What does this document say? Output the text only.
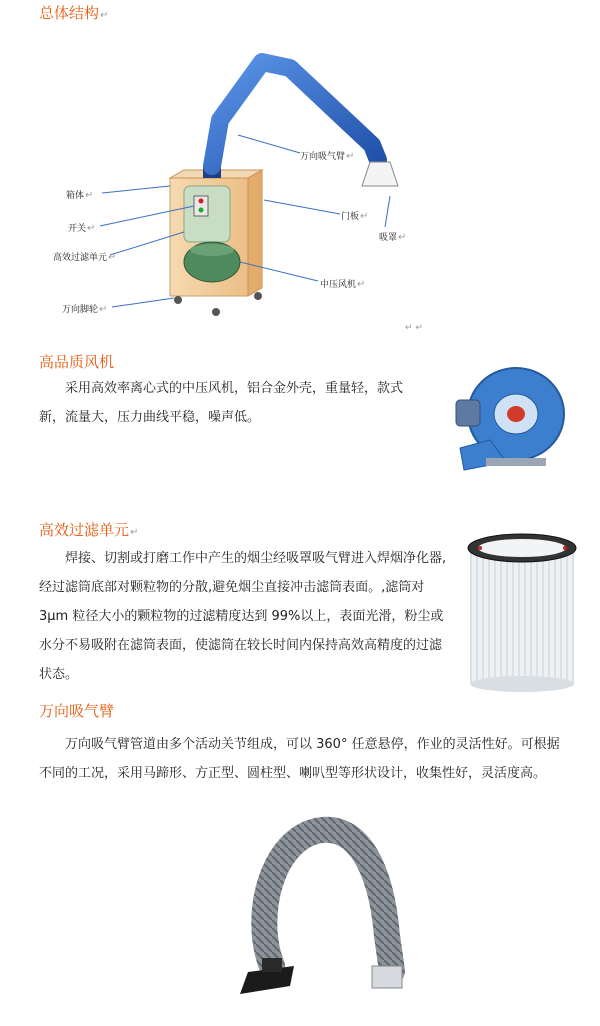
总体结构↵
箱体↵
开关↵
高效过滤单元↵
万向脚轮↵
万向吸气臂↵
门板↵
吸罩↵
中压风机↵
↵ ↵
高品质风机
采用高效率离心式的中压风机，铝合金外壳，重量轻，款式新，流量大，压力曲线平稳，噪声低。
高效过滤单元↵
焊接、切割或打磨工作中产生的烟尘经吸罩吸气臂进入焊烟净化器,经过滤筒底部对颗粒物的分散,避免烟尘直接冲击滤筒表面。,滤筒对 3μm 粒径大小的颗粒物的过滤精度达到 99%以上，表面光滑，粉尘或水分不易吸附在滤筒表面，使滤筒在较长时间内保持高效高精度的过滤状态。
万向吸气臂
万向吸气臂管道由多个活动关节组成，可以 360° 任意悬停，作业的灵活性好。可根据不同的工况，采用马蹄形、方正型、圆柱型、喇叭型等形状设计，收集性好，灵活度高。
